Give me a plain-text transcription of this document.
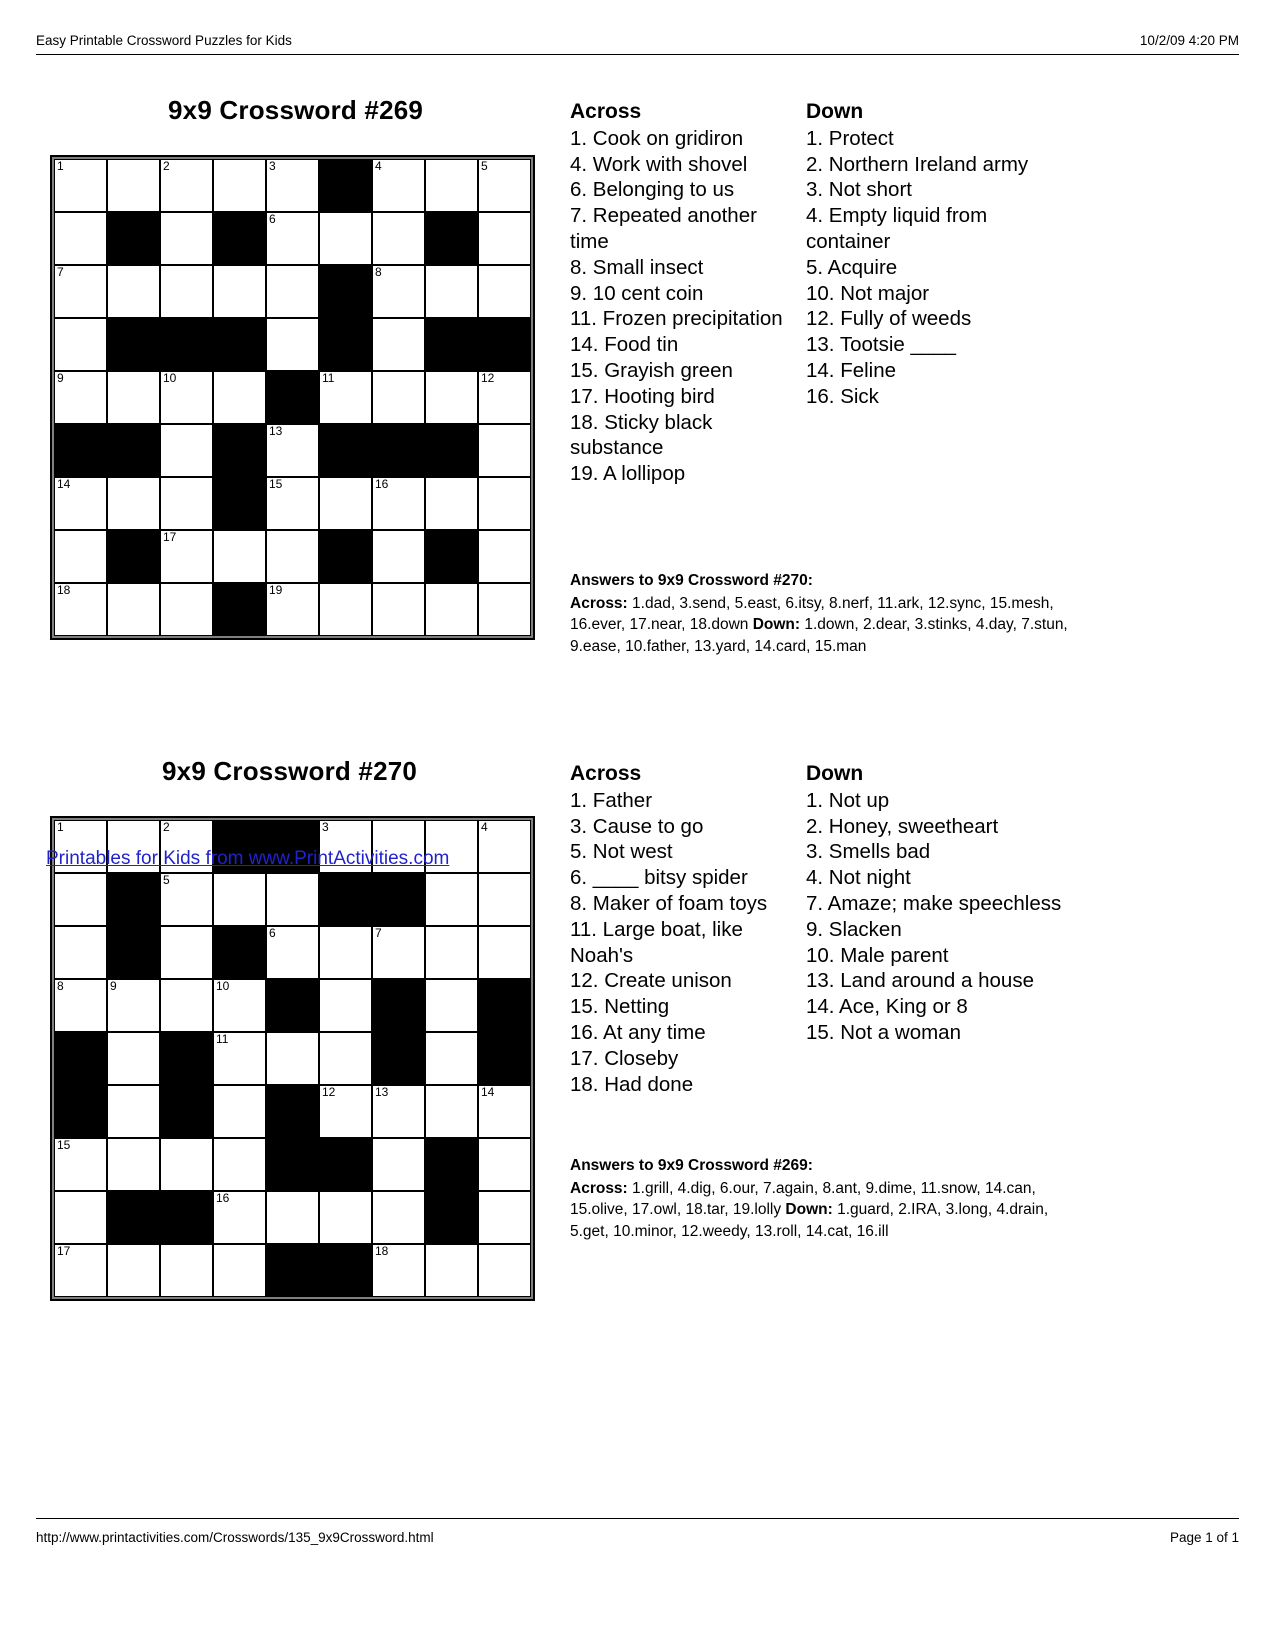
Easy Printable Crossword Puzzles for Kids	10/2/09 4:20 PM
9x9 Crossword #269
1	2	3	4	5
6
7	8
9	10	11	12
13
14	15	16
17
18	19
Across
1. Cook on gridiron
4. Work with shovel
6. Belonging to us
7. Repeated another time
8. Small insect
9. 10 cent coin
11. Frozen precipitation
14. Food tin
15. Grayish green
17. Hooting bird
18. Sticky black substance
19. A lollipop
Down
1. Protect
2. Northern Ireland army
3. Not short
4. Empty liquid from container
5. Acquire
10. Not major
12. Fully of weeds
13. Tootsie ____
14. Feline
16. Sick
Answers to 9x9 Crossword #270:
Across: 1.dad, 3.send, 5.east, 6.itsy, 8.nerf, 11.ark, 12.sync, 15.mesh, 16.ever, 17.near, 18.down Down: 1.down, 2.dear, 3.stinks, 4.day, 7.stun, 9.ease, 10.father, 13.yard, 14.card, 15.man
9x9 Crossword #270
1	2	3	4
5
6	7
8	9	10
11
12	13	14
15
16
17	18
Printables for Kids from www.PrintActivities.com
Across
1. Father
3. Cause to go
5. Not west
6. ____ bitsy spider
8. Maker of foam toys
11. Large boat, like Noah's
12. Create unison
15. Netting
16. At any time
17. Closeby
18. Had done
Down
1. Not up
2. Honey, sweetheart
3. Smells bad
4. Not night
7. Amaze; make speechless
9. Slacken
10. Male parent
13. Land around a house
14. Ace, King or 8
15. Not a woman
Answers to 9x9 Crossword #269:
Across: 1.grill, 4.dig, 6.our, 7.again, 8.ant, 9.dime, 11.snow, 14.can, 15.olive, 17.owl, 18.tar, 19.lolly Down: 1.guard, 2.IRA, 3.long, 4.drain, 5.get, 10.minor, 12.weedy, 13.roll, 14.cat, 16.ill
http://www.printactivities.com/Crosswords/135_9x9Crossword.html	Page 1 of 1
